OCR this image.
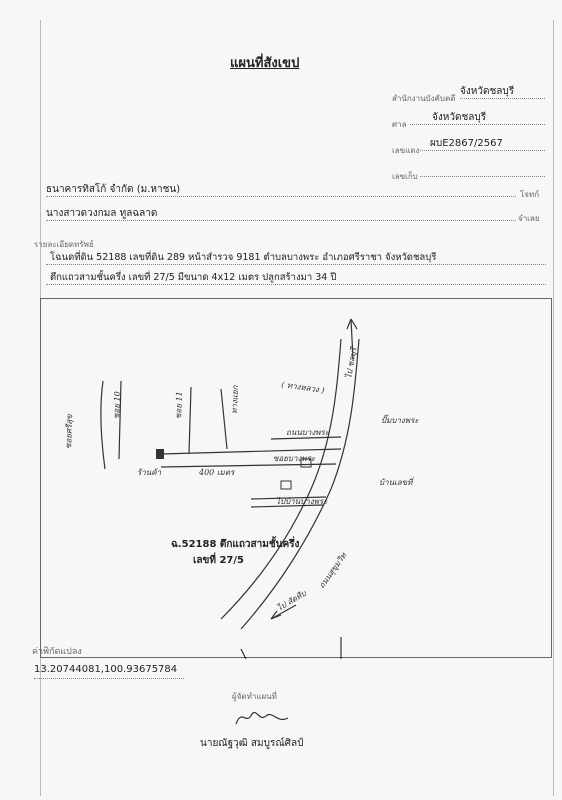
แผนที่สังเขป
สำนักงานบังคับคดี
จังหวัดชลบุรี
ศาล
จังหวัดชลบุรี
เลขแดง
ผบE2867/2567
เลขเก็บ
ธนาคารทิสโก้ จำกัด (ม.หาชน)	โจทก์
นางสาวดวงกมล ทูลฉลาด	จำเลย
รายละเอียดทรัพย์
โฉนดที่ดิน 52188 เลขที่ดิน 289 หน้าสำรวจ 9181 ตำบลบางพระ อำเภอศรีราชา จังหวัดชลบุรี
ตึกแถวสามชั้นครึ่ง เลขที่ 27/5 มีขนาด 4x12 เมตร ปลูกสร้างมา 34 ปี
ซอยศรีสุข
ซอย 10	ซอย 11	ทางแยก	( ทางหลวง )
ถนนบางพระ
ซอยบางพระ
400 เมตร
ร้านค้า
ไปบ้านบางพระ
ปั๊มบางพระ
บ้านเลขที่
ไป ชลบุรี
ไป สัตหีบ
ถนนสุขุมวิท
ฉ.52188 ตึกแถวสามชั้นครึ่ง
เลขที่ 27/5
ค่าพิกัดแปลง
13.20744081,100.93675784
ผู้จัดทำแผนที่
นายณัฐวุฒิ สมบูรณ์ศิลป์
